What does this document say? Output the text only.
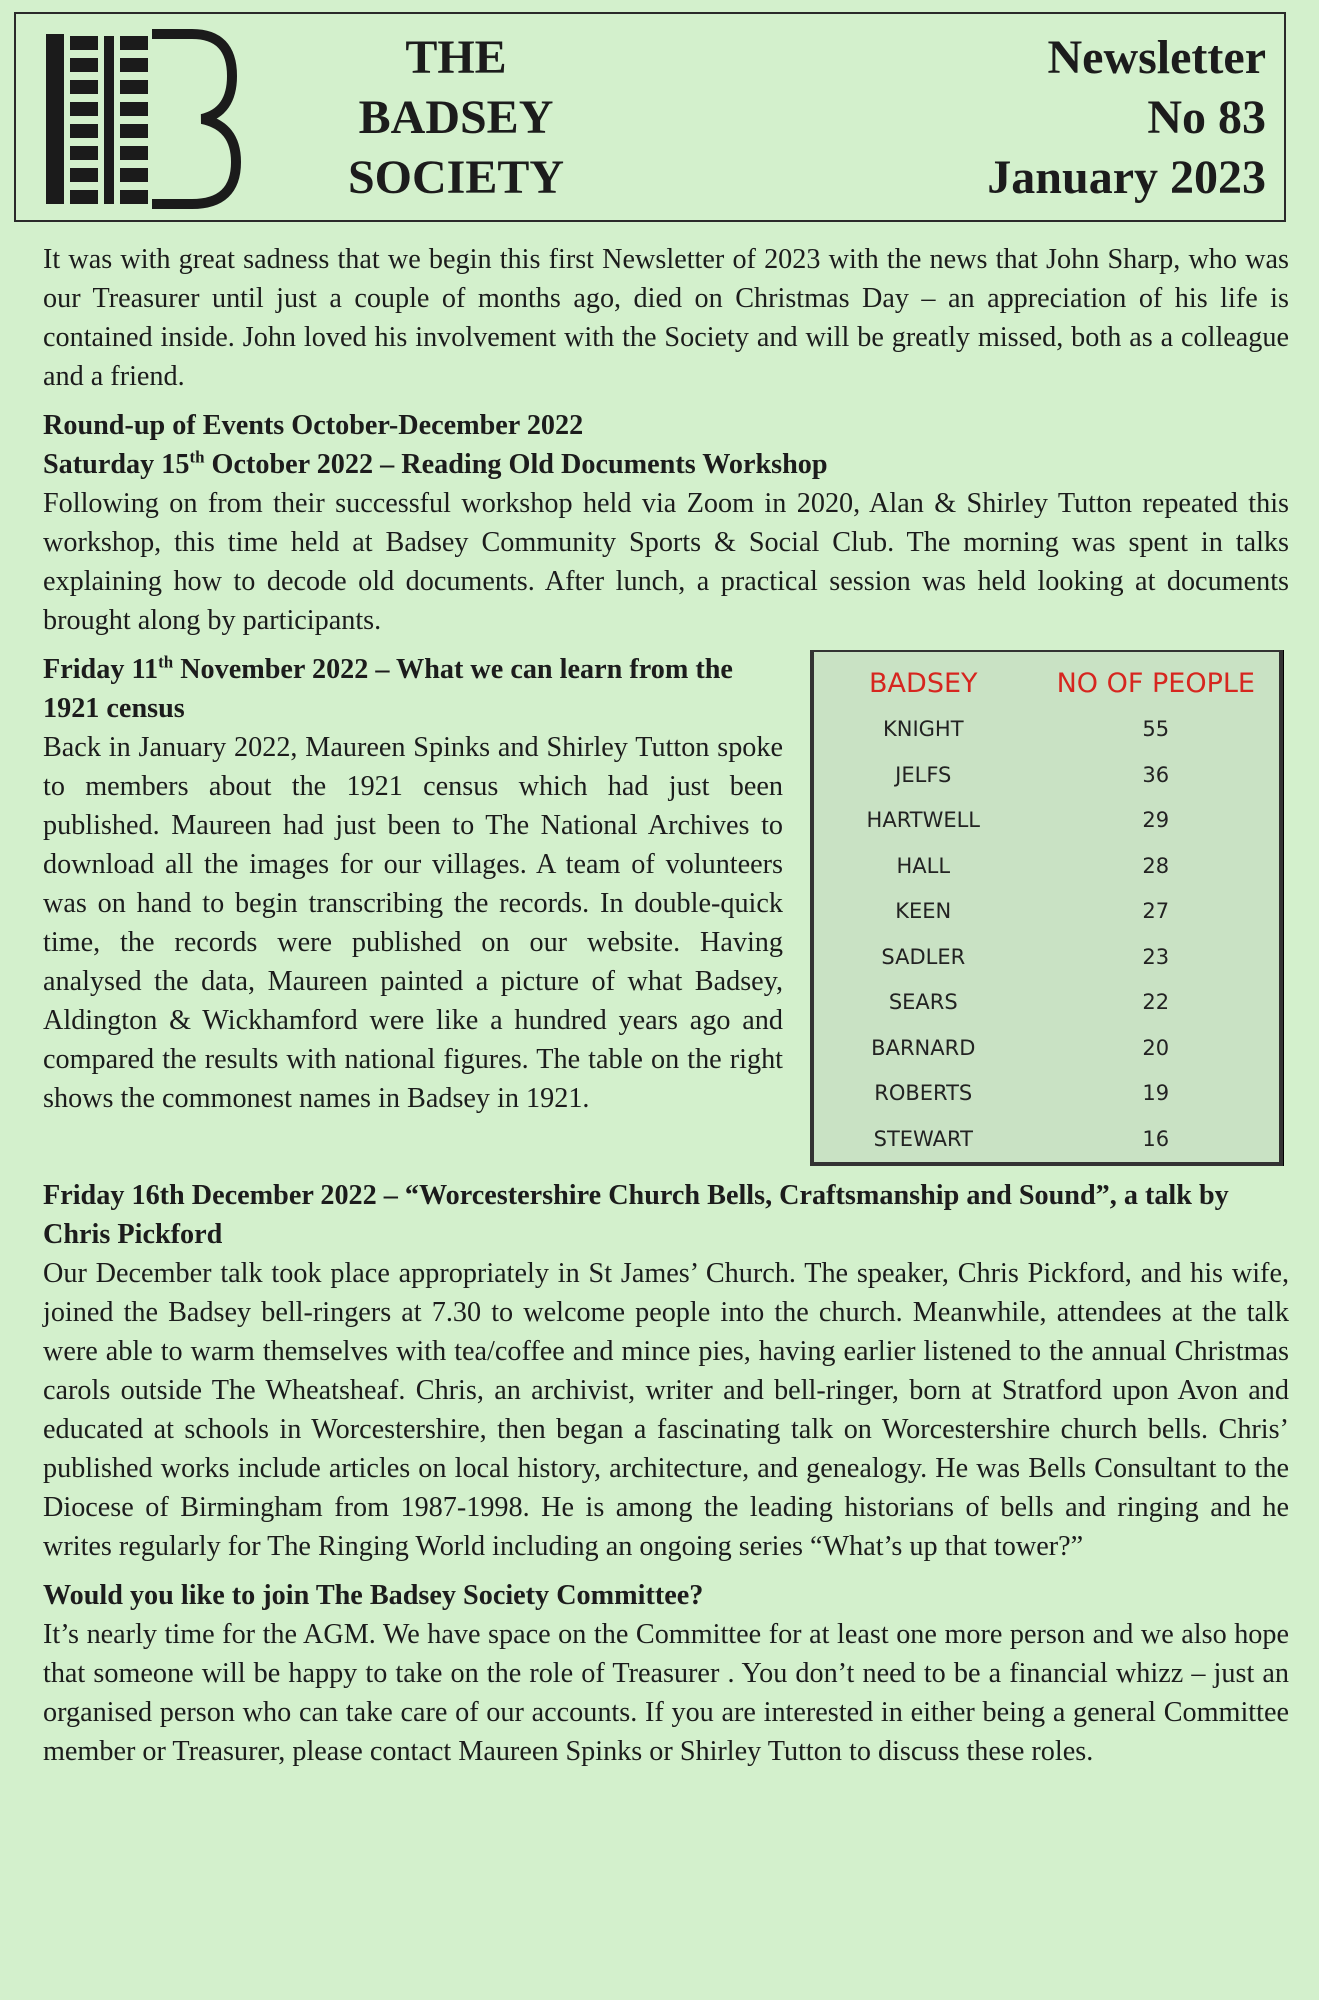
THE
BADSEY
SOCIETY
Newsletter
No 83
January 2023

It was with great sadness that we begin this first Newsletter of 2023 with the news that John Sharp, who was our Treasurer until just a couple of months ago, died on Christmas Day – an appreciation of his life is contained inside. John loved his involvement with the Society and will be greatly missed, both as a colleague and a friend.

Round-up of Events October-December 2022

Saturday 15th October 2022 – Reading Old Documents Workshop

Following on from their successful workshop held via Zoom in 2020, Alan & Shirley Tutton repeated this workshop, this time held at Badsey Community Sports & Social Club. The morning was spent in talks explaining how to decode old documents. After lunch, a practical session was held looking at documents brought along by participants.

BADSEY	NO OF PEOPLE
KNIGHT	55
JELFS	36
HARTWELL	29
HALL	28
KEEN	27
SADLER	23
SEARS	22
BARNARD	20
ROBERTS	19
STEWART	16

Friday 11th November 2022 – What we can learn from the 1921 census

Back in January 2022, Maureen Spinks and Shirley Tutton spoke to members about the 1921 census which had just been published. Maureen had just been to The National Archives to download all the images for our villages. A team of volunteers was on hand to begin transcribing the records. In double-quick time, the records were published on our website. Having analysed the data, Maureen painted a picture of what Badsey, Aldington & Wickhamford were like a hundred years ago and compared the results with national figures. The table on the right shows the commonest names in Badsey in 1921.

Friday 16th December 2022 – “Worcestershire Church Bells, Craftsmanship and Sound”, a talk by Chris Pickford

Our December talk took place appropriately in St James’ Church. The speaker, Chris Pickford, and his wife, joined the Badsey bell-ringers at 7.30 to welcome people into the church. Meanwhile, attendees at the talk were able to warm themselves with tea/coffee and mince pies, having earlier listened to the annual Christmas carols outside The Wheatsheaf. Chris, an archivist, writer and bell-ringer, born at Stratford upon Avon and educated at schools in Worcestershire, then began a fascinating talk on Worcestershire church bells. Chris’ published works include articles on local history, architecture, and genealogy. He was Bells Consultant to the Diocese of Birmingham from 1987-1998. He is among the leading historians of bells and ringing and he writes regularly for The Ringing World including an ongoing series “What’s up that tower?”

Would you like to join The Badsey Society Committee?

It’s nearly time for the AGM. We have space on the Committee for at least one more person and we also hope that someone will be happy to take on the role of Treasurer . You don’t need to be a financial whizz – just an organised person who can take care of our accounts. If you are interested in either being a general Committee member or Treasurer, please contact Maureen Spinks or Shirley Tutton to discuss these roles.
